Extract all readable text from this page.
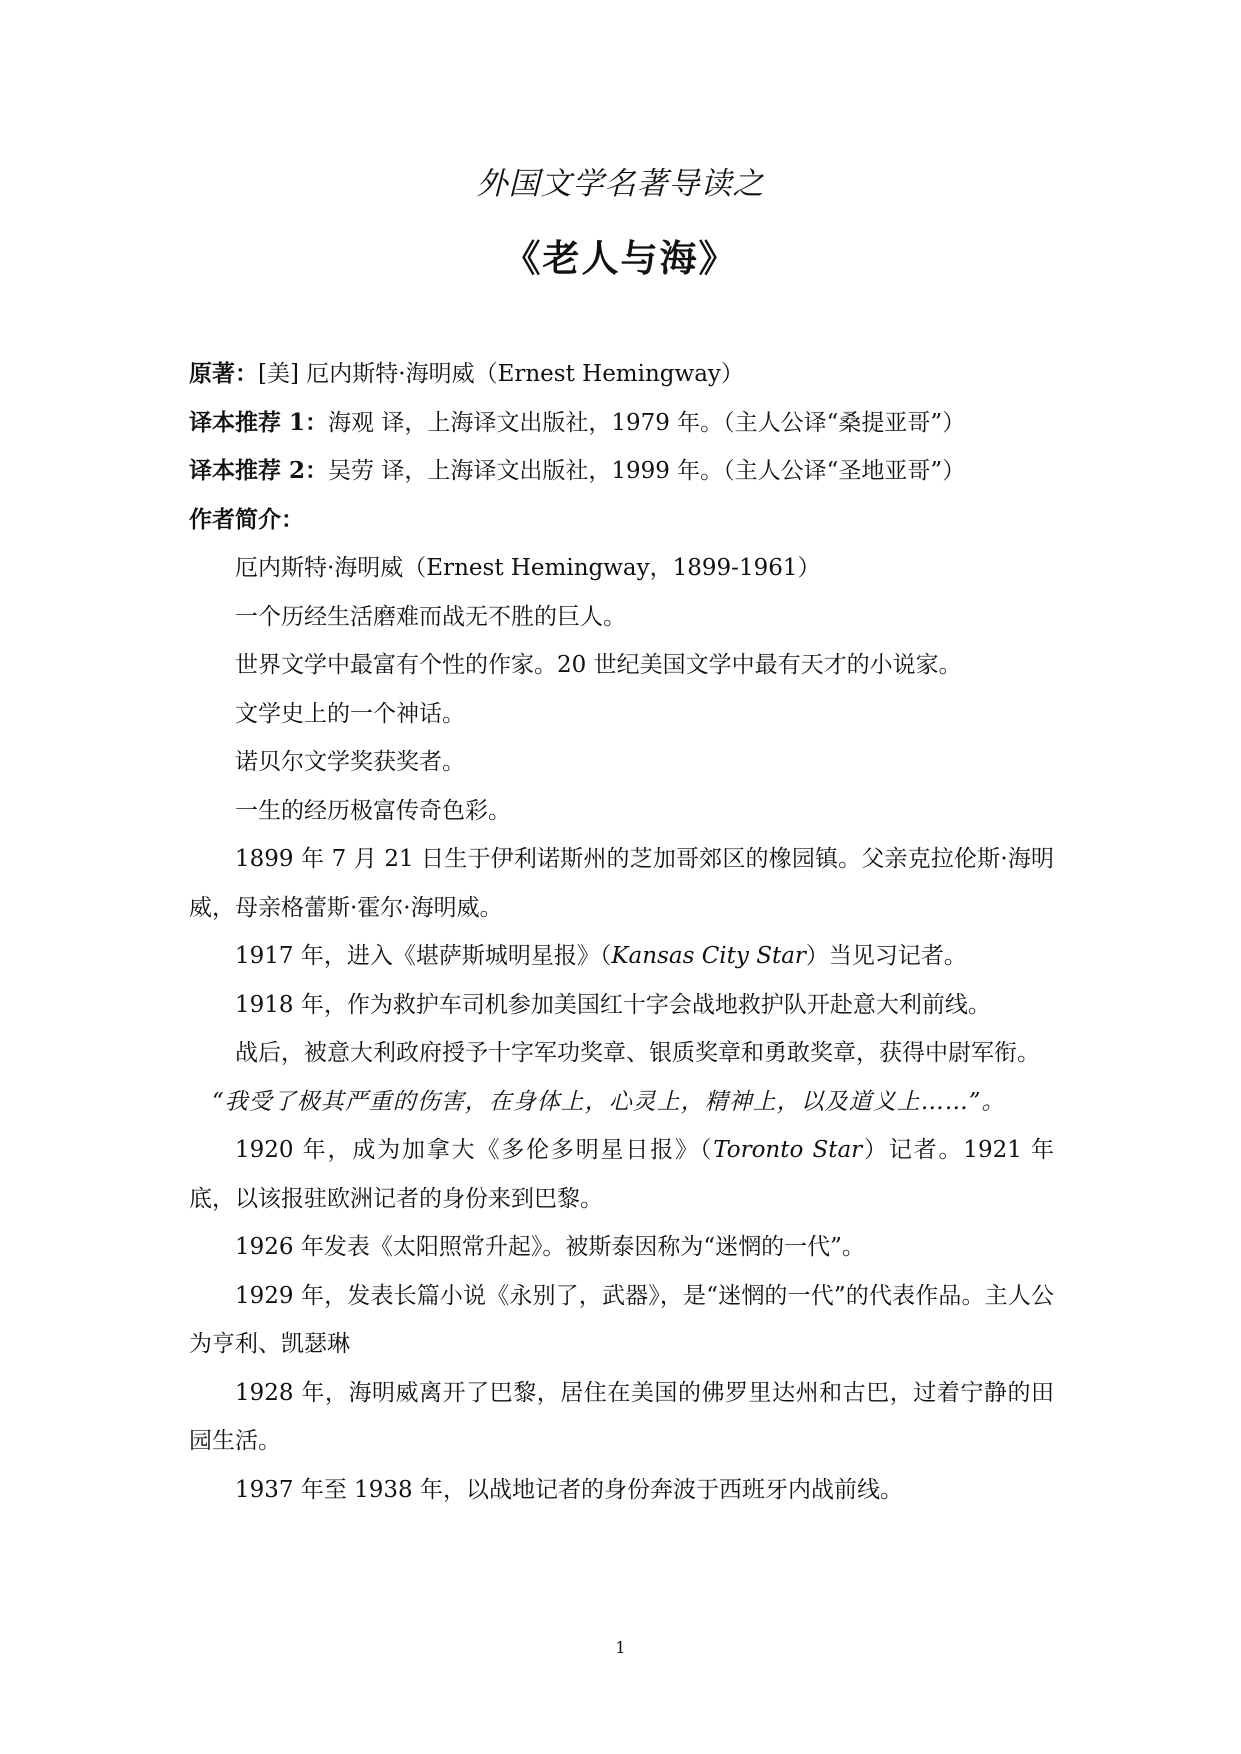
外国文学名著导读之
《老人与海》
原著：[美] 厄内斯特·海明威（Ernest Hemingway）
译本推荐 1：海观 译，上海译文出版社，1979 年。（主人公译“桑提亚哥”）
译本推荐 2：吴劳 译，上海译文出版社，1999 年。（主人公译“圣地亚哥”）
作者简介：
厄内斯特·海明威（Ernest Hemingway，1899-1961）
一个历经生活磨难而战无不胜的巨人。
世界文学中最富有个性的作家。20 世纪美国文学中最有天才的小说家。
文学史上的一个神话。
诺贝尔文学奖获奖者。
一生的经历极富传奇色彩。
1899 年 7 月 21 日生于伊利诺斯州的芝加哥郊区的橡园镇。父亲克拉伦斯·海明威，母亲格蕾斯·霍尔·海明威。
1917 年，进入《堪萨斯城明星报》（Kansas City Star）当见习记者。
1918 年，作为救护车司机参加美国红十字会战地救护队开赴意大利前线。
战后，被意大利政府授予十字军功奖章、银质奖章和勇敢奖章，获得中尉军衔。
“我受了极其严重的伤害，在身体上，心灵上，精神上，以及道义上……”。
1920 年，成为加拿大《多伦多明星日报》（Toronto Star）记者。1921 年底，以该报驻欧洲记者的身份来到巴黎。
1926 年发表《太阳照常升起》。被斯泰因称为“迷惘的一代”。
1929 年，发表长篇小说《永别了，武器》，是“迷惘的一代”的代表作品。主人公为亨利、凯瑟琳
1928 年，海明威离开了巴黎，居住在美国的佛罗里达州和古巴，过着宁静的田园生活。
1937 年至 1938 年，以战地记者的身份奔波于西班牙内战前线。
1
